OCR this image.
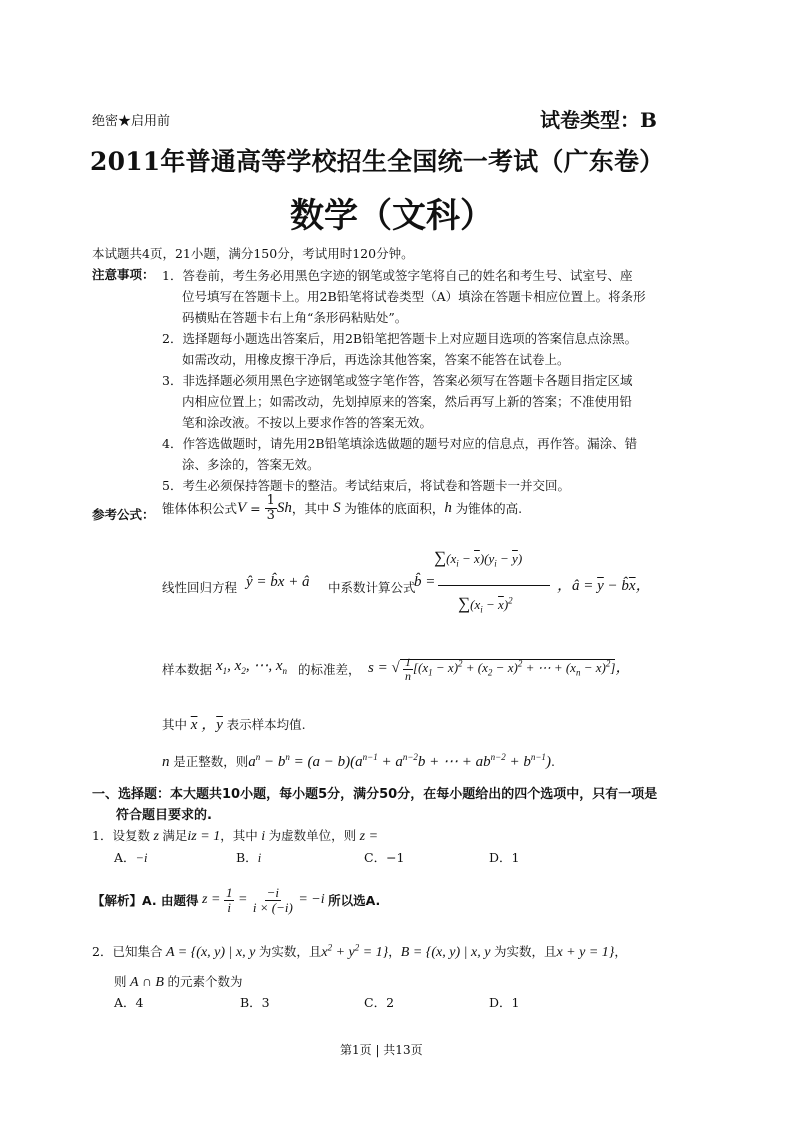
绝密★启用前	试卷类型：B
2011年普通高等学校招生全国统一考试（广东卷）
数学（文科）
本试题共4页，21小题，满分150分，考试用时120分钟。
注意事项： 1．答卷前，考生务必用黑色字迹的钢笔或签字笔将自己的姓名和考生号、试室号、座
位号填写在答题卡上。用2B铅笔将试卷类型（A）填涂在答题卡相应位置上。将条形
码横贴在答题卡右上角“条形码粘贴处”。
2．选择题每小题选出答案后，用2B铅笔把答题卡上对应题目选项的答案信息点涂黑。
如需改动，用橡皮擦干净后，再选涂其他答案，答案不能答在试卷上。
3．非选择题必须用黑色字迹钢笔或签字笔作答，答案必须写在答题卡各题目指定区域
内相应位置上；如需改动，先划掉原来的答案，然后再写上新的答案；不准使用铅
笔和涂改液。不按以上要求作答的答案无效。
4．作答选做题时，请先用2B铅笔填涂选做题的题号对应的信息点，再作答。漏涂、错
涂、多涂的，答案无效。
5．考生必须保持答题卡的整洁。考试结束后，将试卷和答题卡一并交回。
参考公式： 锥体体积公式 $V = \frac{1}{3}$ Sh ，其中 S 为锥体的底面积， h 为锥体的高.
线性回归方程 ŷ = b̂x + â 中系数计算公式
b̂ =
$\sum(x_i - \overline{x})(y_i - \overline{y})$
$\sum(x_i - \overline{x})^2$
，â = $\overline{y}$ − $b̂\overline{x}$，
样本数据 $x_1$, $x_2$, ⋯, $x_n$ 的标准差， s = √ $\frac{1}{n} [(x_1 - \overline{x})^2 + (x_2 - \overline{x})^2$ + ⋯ + $(x_n - \overline{x})^2$]，
其中 $\overline{x}$ ，$\overline{y}$ 表示样本均值.
n 是正整数，则$a^n - b^n = (a - b)(a^{n-1} + a^{n-2}b$ + ⋯ + $ab^{n-2} + b^{n-1}$).
一、选择题：本大题共10小题，每小题5分，满分50分，在每小题给出的四个选项中，只有一项是
符合题目要求的.
1．设复数 z 满足iz = 1，其中 i 为虚数单位，则 z =
A．−i	B．i	C．−1	D．1
【解析】 A. 由题得 $z = \frac{1}{i} = \frac{-i}{i \times (-i)} = -i$ 所以选A.
2．已知集合 A = {(x, y) | x, y 为实数，且$x^2 + y^2 = 1$}，B = {(x, y) | x, y 为实数，且x + y = 1}，
则 A ∩ B 的元素个数为
A．4	B．3	C．2	D．1
第1页 | 共13页
